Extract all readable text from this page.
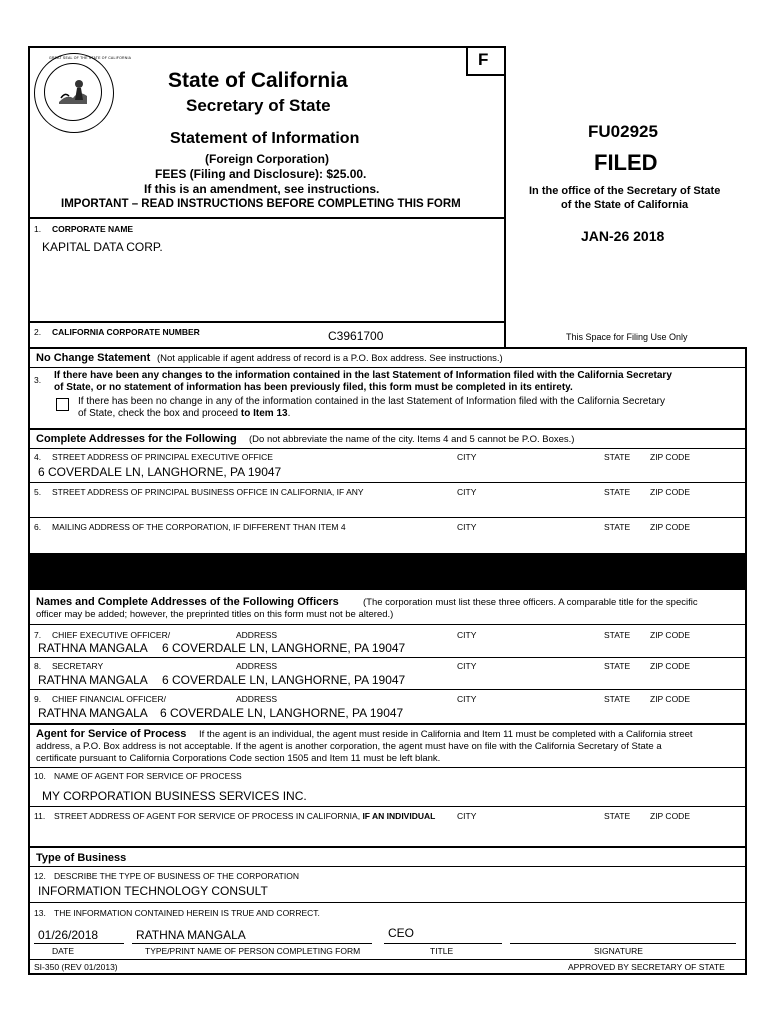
F
GREAT SEAL OF THE STATE OF CALIFORNIA
State of California
Secretary of State
Statement of Information
(Foreign Corporation)
FEES (Filing and Disclosure): $25.00.
If this is an amendment, see instructions.
IMPORTANT – READ INSTRUCTIONS BEFORE COMPLETING THIS FORM
FU02925
FILED
In the office of the Secretary of State
of the State of California
JAN-26 2018
This Space for Filing Use Only
1. CORPORATE NAME
KAPITAL DATA CORP.
2. CALIFORNIA CORPORATE NUMBER	C3961700
No Change Statement (Not applicable if agent address of record is a P.O. Box address. See instructions.)
3. If there have been any changes to the information contained in the last Statement of Information filed with the California Secretary
of State, or no statement of information has been previously filed, this form must be completed in its entirety.
If there has been no change in any of the information contained in the last Statement of Information filed with the California Secretary
of State, check the box and proceed to Item 13.
Complete Addresses for the Following (Do not abbreviate the name of the city. Items 4 and 5 cannot be P.O. Boxes.)
4. STREET ADDRESS OF PRINCIPAL EXECUTIVE OFFICE	CITY	STATE ZIP CODE
6 COVERDALE LN, LANGHORNE, PA 19047
5. STREET ADDRESS OF PRINCIPAL BUSINESS OFFICE IN CALIFORNIA, IF ANY	CITY	STATE ZIP CODE
6. MAILING ADDRESS OF THE CORPORATION, IF DIFFERENT THAN ITEM 4	CITY	STATE ZIP CODE
Names and Complete Addresses of the Following Officers	(The corporation must list these three officers. A comparable title for the specific
officer may be added; however, the preprinted titles on this form must not be altered.)
7. CHIEF EXECUTIVE OFFICER/	ADDRESS	CITY	STATE ZIP CODE
RATHNA MANGALA 6 COVERDALE LN, LANGHORNE, PA 19047
8. SECRETARY	ADDRESS	CITY	STATE ZIP CODE
RATHNA MANGALA 6 COVERDALE LN, LANGHORNE, PA 19047
9. CHIEF FINANCIAL OFFICER/	ADDRESS	CITY	STATE ZIP CODE
RATHNA MANGALA 6 COVERDALE LN, LANGHORNE, PA 19047
Agent for Service of Process If the agent is an individual, the agent must reside in California and Item 11 must be completed with a California street
address, a P.O. Box address is not acceptable. If the agent is another corporation, the agent must have on file with the California Secretary of State a
certificate pursuant to California Corporations Code section 1505 and Item 11 must be left blank.
10. NAME OF AGENT FOR SERVICE OF PROCESS
MY CORPORATION BUSINESS SERVICES INC.
11. STREET ADDRESS OF AGENT FOR SERVICE OF PROCESS IN CALIFORNIA, IF AN INDIVIDUAL	CITY	STATE ZIP CODE
Type of Business
12. DESCRIBE THE TYPE OF BUSINESS OF THE CORPORATION
INFORMATION TECHNOLOGY CONSULT
13. THE INFORMATION CONTAINED HEREIN IS TRUE AND CORRECT.
01/26/2018	RATHNA MANGALA	CEO
DATE	TYPE/PRINT NAME OF PERSON COMPLETING FORM	TITLE	SIGNATURE
SI-350 (REV 01/2013)	APPROVED BY SECRETARY OF STATE
